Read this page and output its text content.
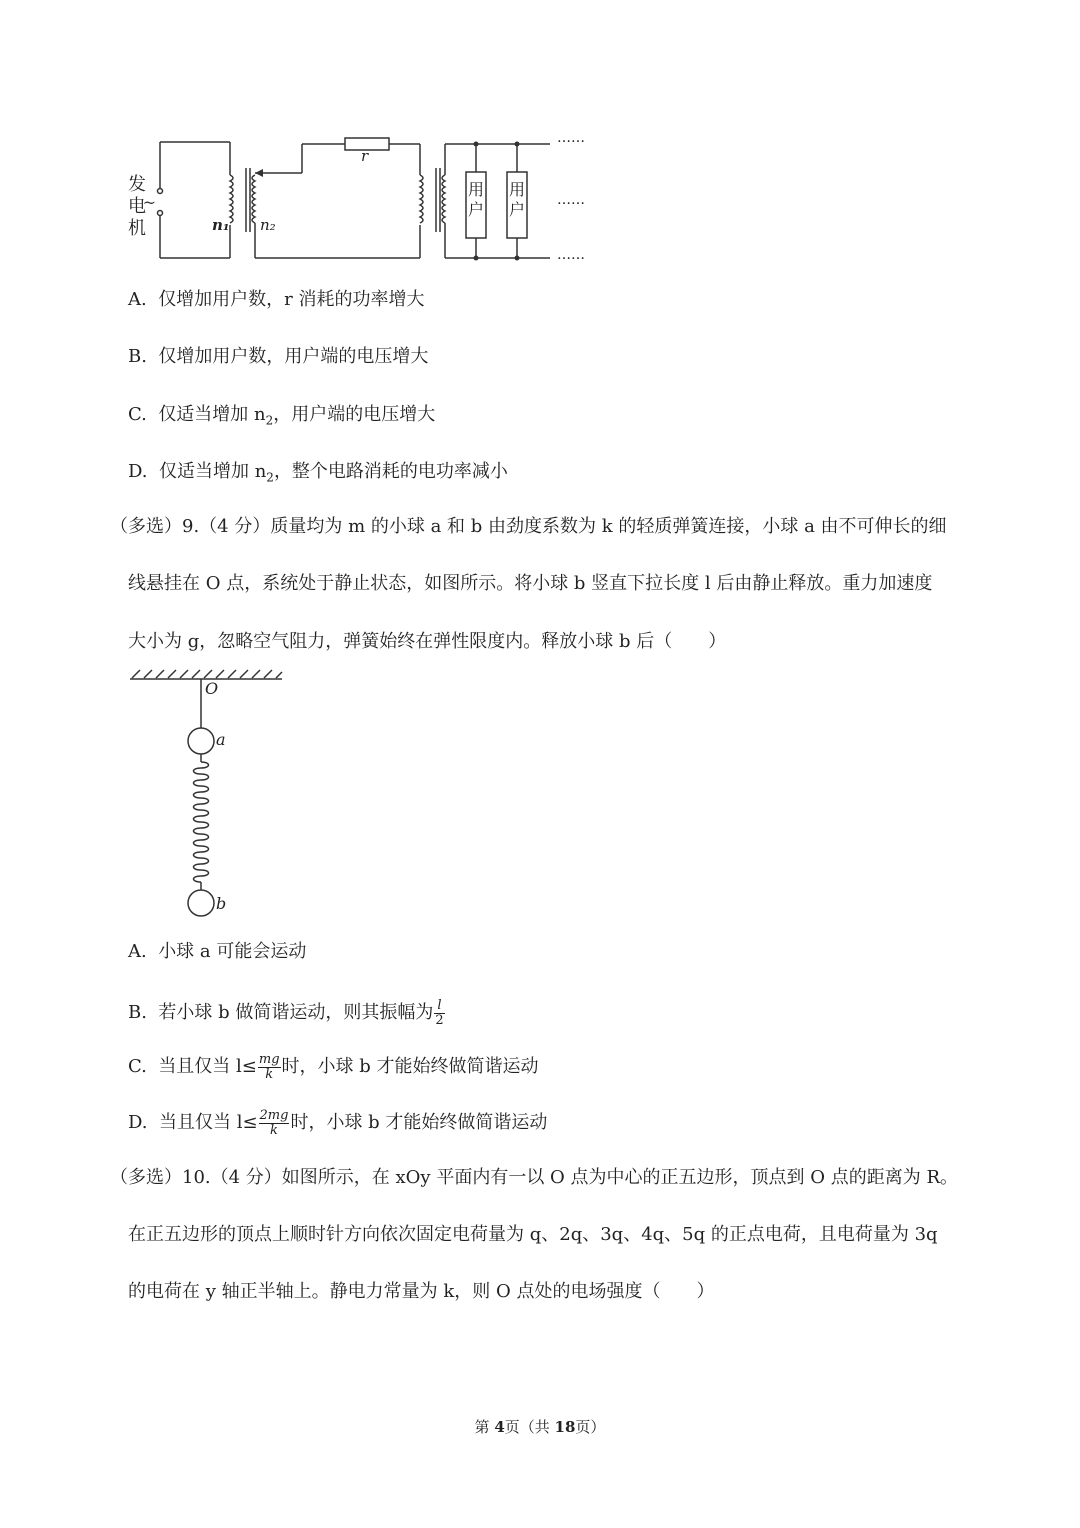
~
发
电
机	n₁ n₂
r
用户
用户
……
……
……
A. 仅增加用户数，r 消耗的功率增大
B. 仅增加用户数，用户端的电压增大
C. 仅适当增加 $n_2$，用户端的电压增大
D. 仅适当增加 $n_2$，整个电路消耗的电功率减小
（多选）9.（4 分）质量均为 m 的小球 a 和 b 由劲度系数为 k 的轻质弹簧连接，小球 a 由不可伸长的细
线悬挂在 O 点，系统处于静止状态，如图所示。将小球 b 竖直下拉长度 l 后由静止释放。重力加速度
大小为 g，忽略空气阻力，弹簧始终在弹性限度内。释放小球 b 后（　　）
O
a
b
A. 小球 a 可能会运动
B. 若小球 b 做简谐运动，则其振幅为 $\frac{l}{2}$
C. 当且仅当 $l\le \frac{mg}{k}$ 时，小球 b 才能始终做简谐运动
D. 当且仅当 $l\le \frac{2mg}{k}$ 时，小球 b 才能始终做简谐运动
（多选）10.（4 分）如图所示，在 xOy 平面内有一以 O 点为中心的正五边形，顶点到 O 点的距离为 R。
在正五边形的顶点上顺时针方向依次固定电荷量为 q、2q、3q、4q、5q 的正点电荷，且电荷量为 3q
的电荷在 y 轴正半轴上。静电力常量为 k，则 O 点处的电场强度（　　）
第 4页（共 18页）
